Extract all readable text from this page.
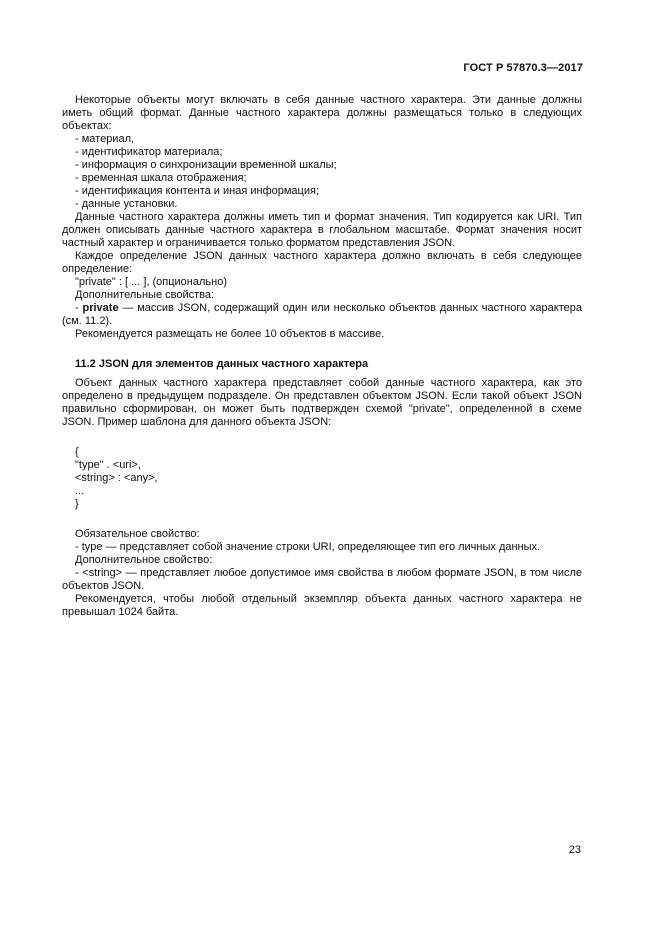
ГОСТ Р 57870.3—2017

Некоторые объекты могут включать в себя данные частного характера. Эти данные должны иметь общий формат. Данные частного характера должны размещаться только в следующих объектах:

- материал,

- идентификатор материала;

- информация о синхронизации временной шкалы;

- временная шкала отображения;

- идентификация контента и иная информация;

- данные установки.

Данные частного характера должны иметь тип и формат значения. Тип кодируется как URI. Тип должен описывать данные частного характера в глобальном масштабе. Формат значения носит частный характер и ограничивается только форматом представления JSON.

Каждое определение JSON данных частного характера должно включать в себя следующее определение:

"private" : [ ... ], (опционально)

Дополнительные свойства:

- private — массив JSON, содержащий один или несколько объектов данных частного характера (см. 11.2).

Рекомендуется размещать не более 10 объектов в массиве.

11.2 JSON для элементов данных частного характера

Объект данных частного характера представляет собой данные частного характера, как это определено в предыдущем подразделе. Он представлен объектом JSON. Если такой объект JSON правильно сформирован, он может быть подтвержден схемой "private", определенной в схеме JSON. Пример шаблона для данного объекта JSON:

{
"type" . <uri>,
<string> : <any>,
...
}

Обязательное свойство:

- type — представляет собой значение строки URI, определяющее тип его личных данных.

Дополнительное свойство:

- <string> — представляет любое допустимое имя свойства в любом формате JSON, в том числе объектов JSON.

Рекомендуется, чтобы любой отдельный экземпляр объекта данных частного характера не превышал 1024 байта.

23
